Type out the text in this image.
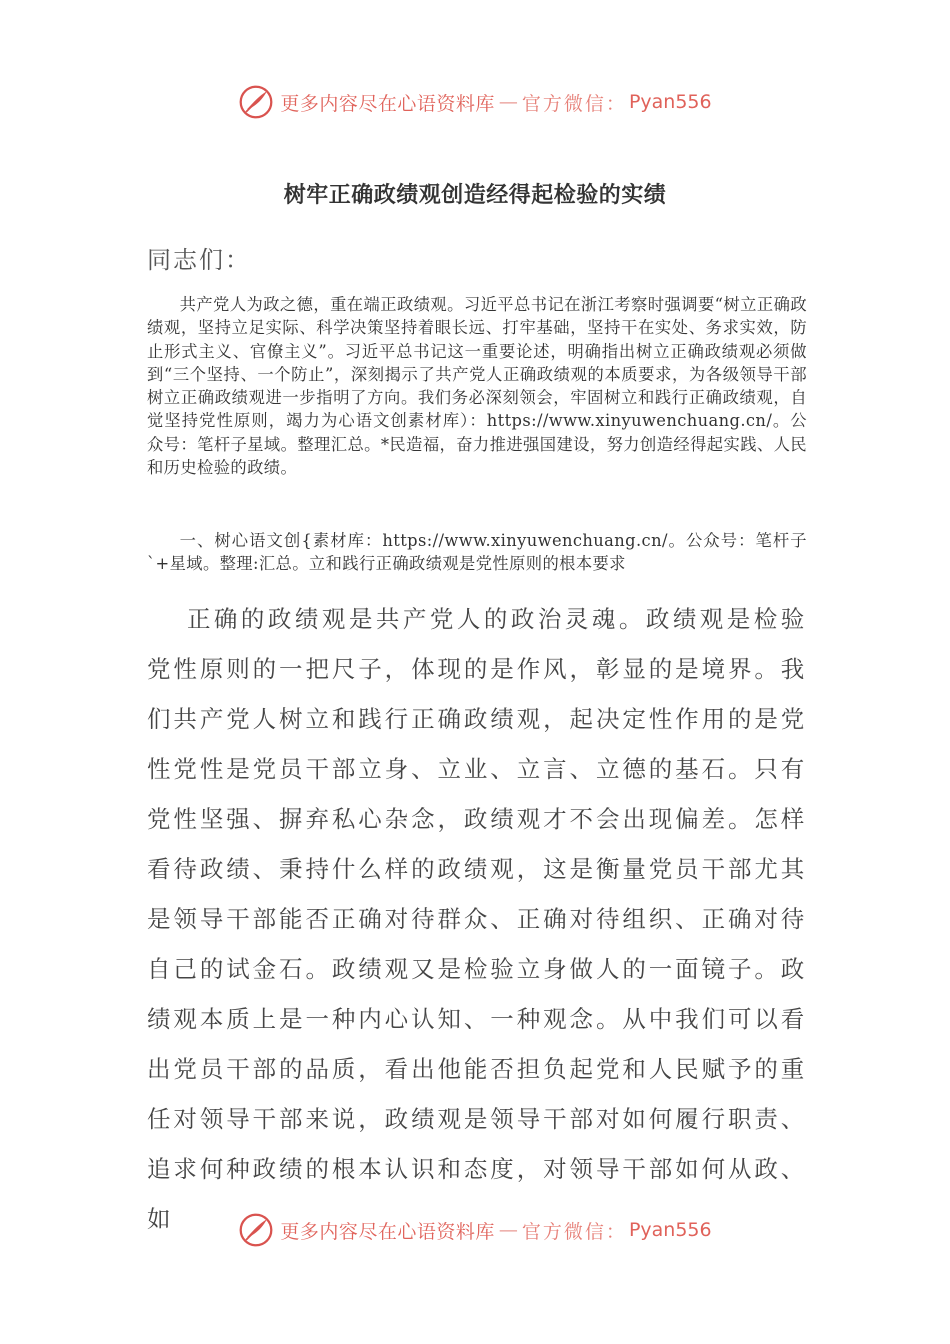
更多内容尽在心语资料库 — 官方微信： Pyan556
树牢正确政绩观创造经得起检验的实绩
同志们：

共产党人为政之德，重在端正政绩观。习近平总书记在浙江考察时强调要“树立正确政绩观，坚持立足实际、科学决策坚持着眼长远、打牢基础，坚持干在实处、务求实效，防止形式主义、官僚主义”。习近平总书记这一重要论述，明确指出树立正确政绩观必须做到“三个坚持、一个防止”，深刻揭示了共产党人正确政绩观的本质要求，为各级领导干部树立正确政绩观进一步指明了方向。我们务必深刻领会，牢固树立和践行正确政绩观，自觉坚持党性原则，竭力为心语文创素材库）：https://www.xinyuwenchuang.cn/。公众号：笔杆子星域。整理汇总。*民造福，奋力推进强国建设，努力创造经得起实践、人民和历史检验的政绩。

一、树心语文创{素材库：https://www.xinyuwenchuang.cn/。公众号：笔杆子`+星域。整理:汇总。立和践行正确政绩观是党性原则的根本要求

正确的政绩观是共产党人的政治灵魂。政绩观是检验党性原则的一把尺子，体现的是作风，彰显的是境界。我们共产党人树立和践行正确政绩观，起决定性作用的是党性党性是党员干部立身、立业、立言、立德的基石。只有党性坚强、摒弃私心杂念，政绩观才不会出现偏差。怎样看待政绩、秉持什么样的政绩观，这是衡量党员干部尤其是领导干部能否正确对待群众、正确对待组织、正确对待自己的试金石。政绩观又是检验立身做人的一面镜子。政绩观本质上是一种内心认知、一种观念。从中我们可以看出党员干部的品质，看出他能否担负起党和人民赋予的重任对领导干部来说，政绩观是领导干部对如何履行职责、追求何种政绩的根本认识和态度，对领导干部如何从政、如	更多内容尽在心语资料库 — 官方微信： Pyan556
